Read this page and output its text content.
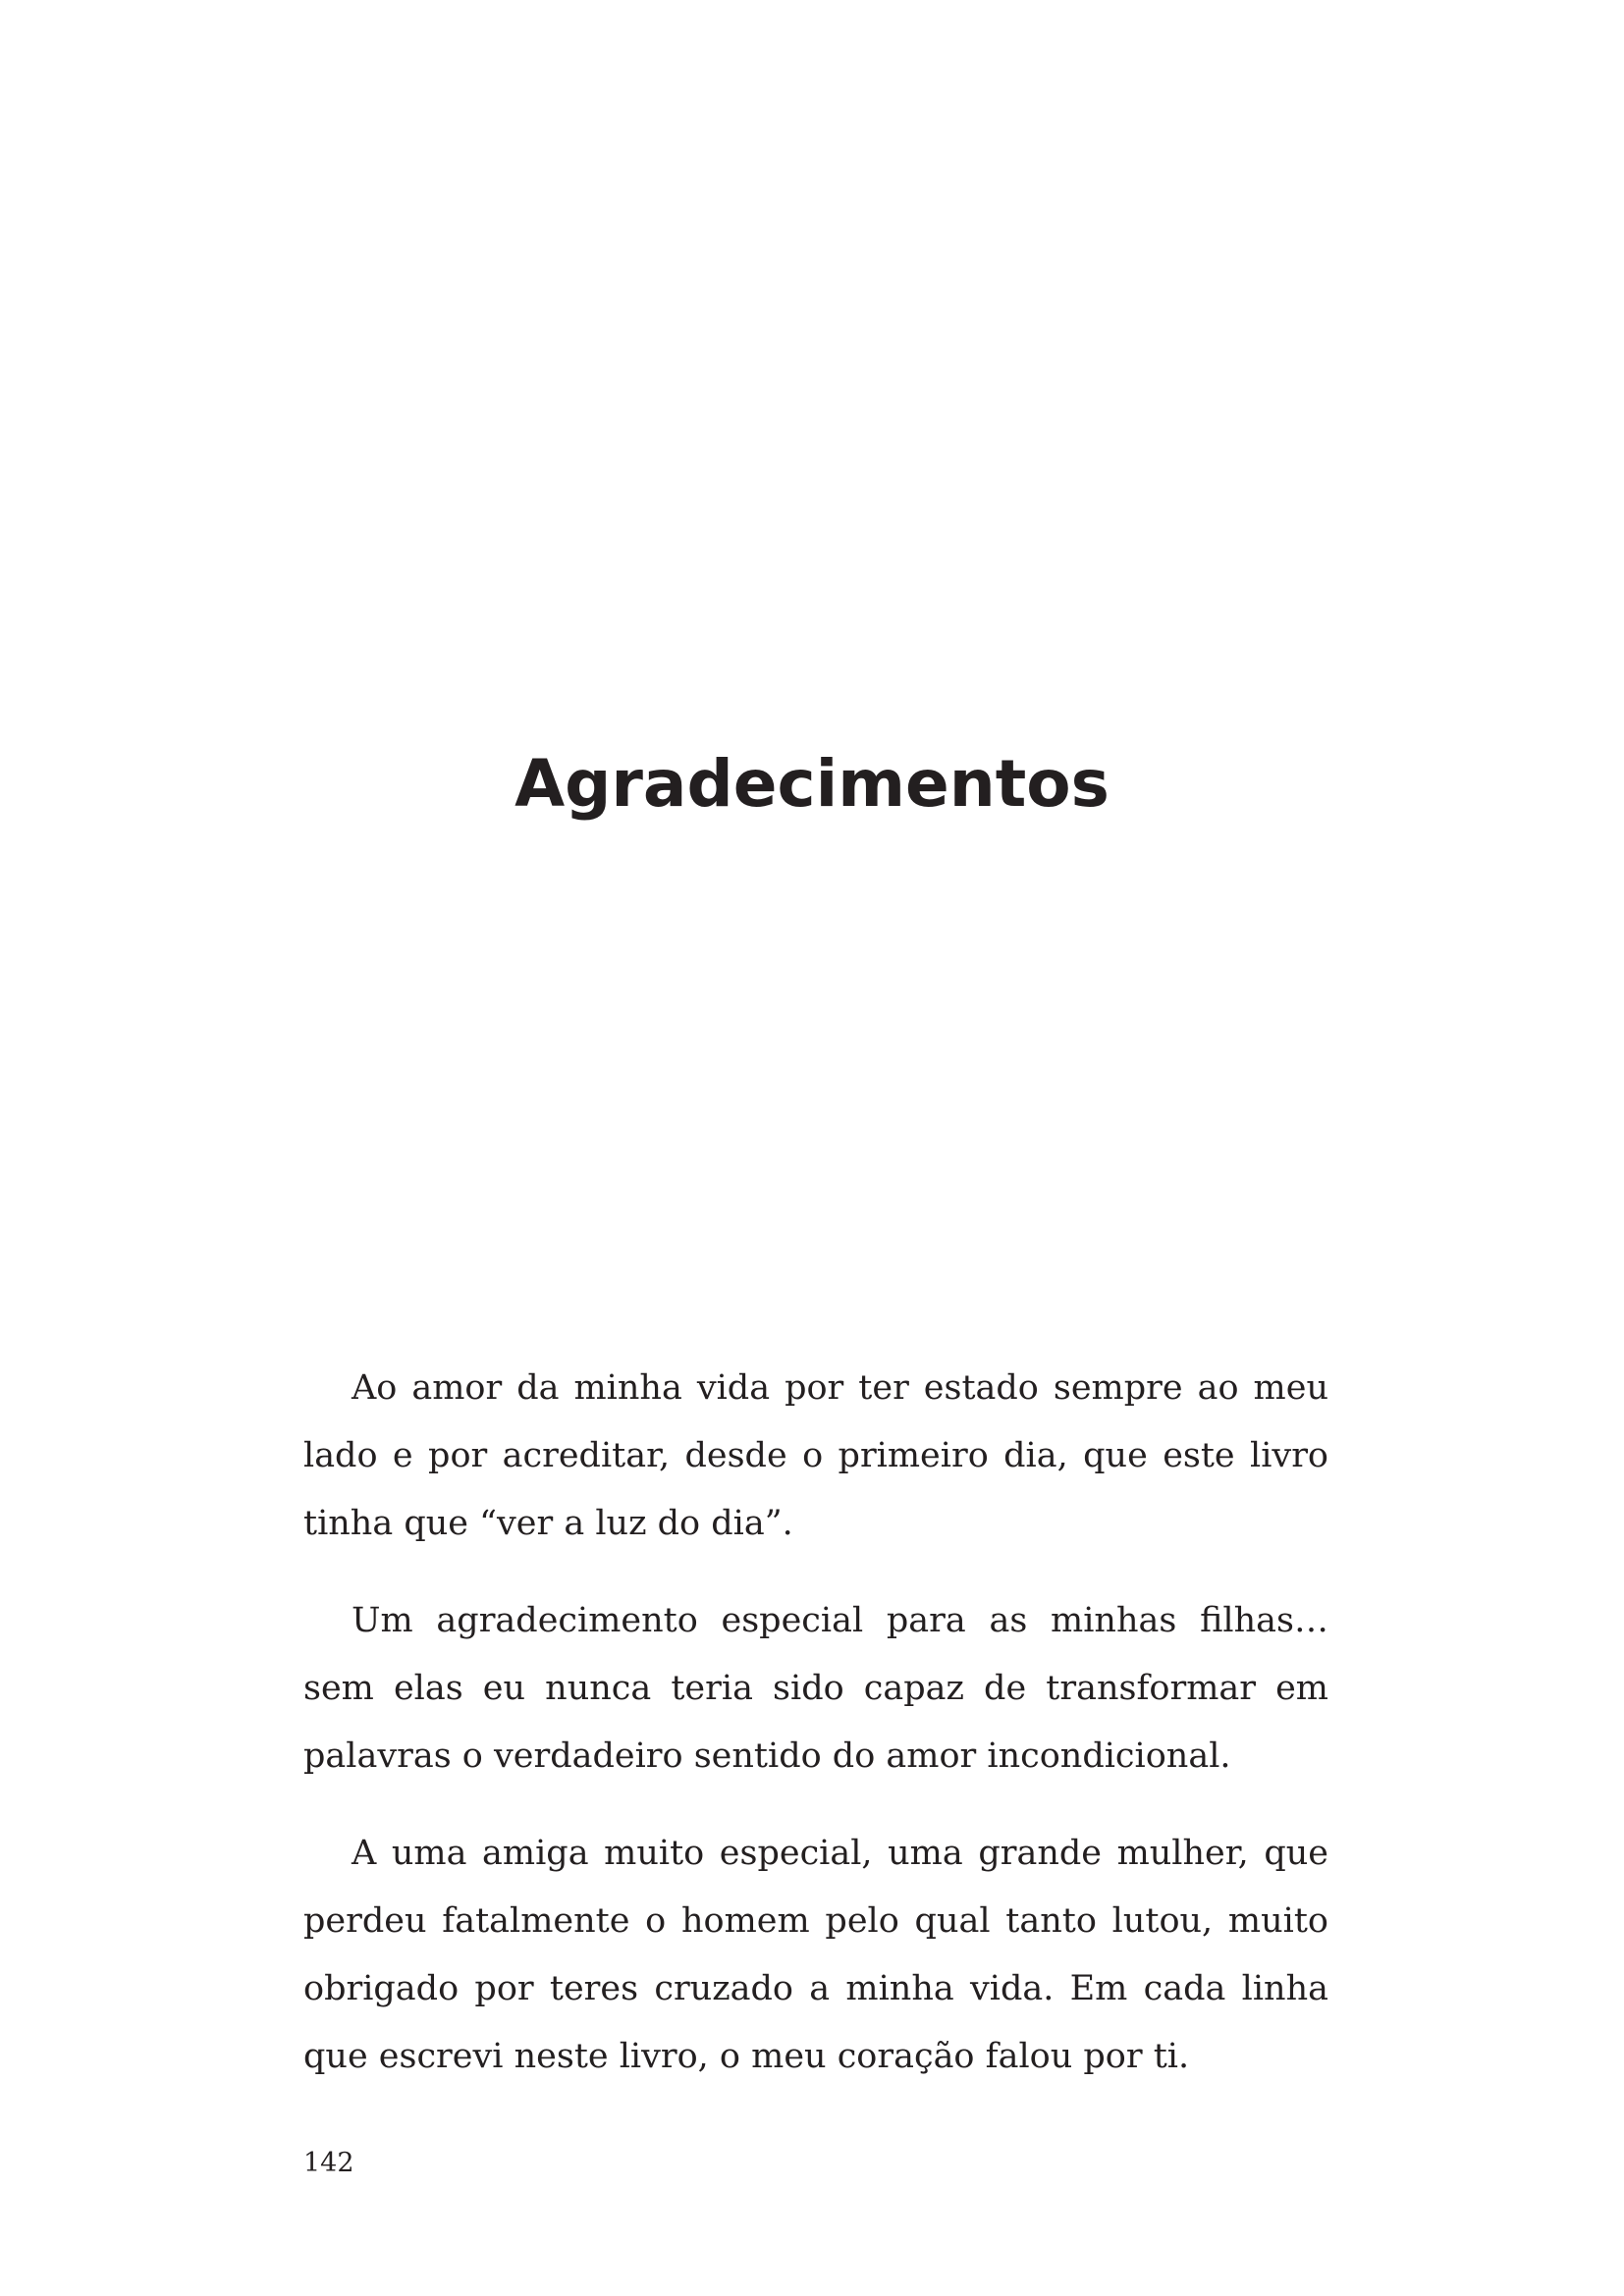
Agradecimentos

Ao amor da minha vida por ter estado sempre ao meu lado e por acreditar, desde o primeiro dia, que este livro tinha que “ver a luz do dia”.

Um agradecimento especial para as minhas filhas… sem elas eu nunca teria sido capaz de transformar em palavras o verdadeiro sentido do amor incondicional.

A uma amiga muito especial, uma grande mulher, que perdeu fatalmente o homem pelo qual tanto lutou, muito obrigado por teres cruzado a minha vida. Em cada linha que escrevi neste livro, o meu coração falou por ti.

142
